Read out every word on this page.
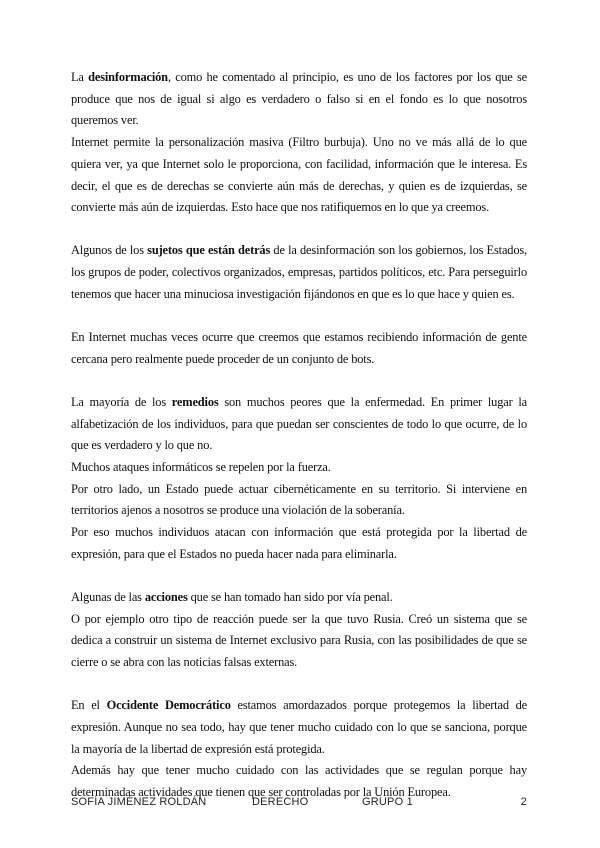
La desinformación, como he comentado al principio, es uno de los factores por los que se produce que nos de igual si algo es verdadero o falso si en el fondo es lo que nosotros queremos ver.

Internet permite la personalización masiva (Filtro burbuja). Uno no ve más allá de lo que quiera ver, ya que Internet solo le proporciona, con facilidad, información que le interesa. Es decir, el que es de derechas se convierte aún más de derechas, y quien es de izquierdas, se convierte más aún de izquierdas. Esto hace que nos ratifiquemos en lo que ya creemos.

Algunos de los sujetos que están detrás de la desinformación son los gobiernos, los Estados, los grupos de poder, colectivos organizados, empresas, partidos políticos, etc. Para perseguirlo tenemos que hacer una minuciosa investigación fijándonos en que es lo que hace y quien es.

En Internet muchas veces ocurre que creemos que estamos recibiendo información de gente cercana pero realmente puede proceder de un conjunto de bots.

La mayoría de los remedios son muchos peores que la enfermedad. En primer lugar la alfabetización de los individuos, para que puedan ser conscientes de todo lo que ocurre, de lo que es verdadero y lo que no.

Muchos ataques informáticos se repelen por la fuerza.

Por otro lado, un Estado puede actuar cibernéticamente en su territorio. Si interviene en territorios ajenos a nosotros se produce una violación de la soberanía.

Por eso muchos individuos atacan con información que está protegida por la libertad de expresión, para que el Estados no pueda hacer nada para eliminarla.

Algunas de las acciones que se han tomado han sido por vía penal.

O por ejemplo otro tipo de reacción puede ser la que tuvo Rusia. Creó un sistema que se dedica a construir un sistema de Internet exclusivo para Rusia, con las posibilidades de que se cierre o se abra con las noticias falsas externas.

En el Occidente Democrático estamos amordazados porque protegemos la libertad de expresión. Aunque no sea todo, hay que tener mucho cuidado con lo que se sanciona, porque la mayoría de la libertad de expresión está protegida.

Además hay que tener mucho cuidado con las actividades que se regulan porque hay determinadas actividades que tienen que ser controladas por la Unión Europea.

SOFÍA JIMÉNEZ ROLDÁN	DERECHO	GRUPO 1	2
